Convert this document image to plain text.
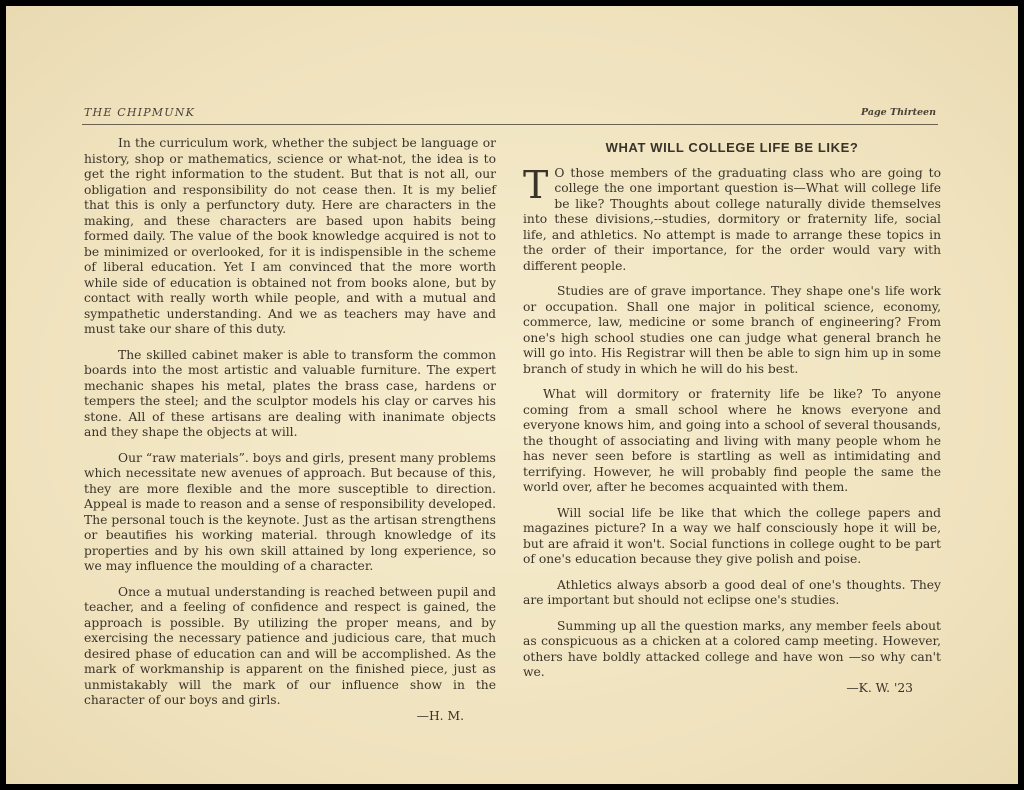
THE CHIPMUNK	Page Thirteen

In the curriculum work, whether the subject be language or history, shop or mathematics, science or what-not, the idea is to get the right information to the student. But that is not all, our obligation and responsibility do not cease then. It is my belief that this is only a perfunctory duty. Here are characters in the making, and these characters are based upon habits being formed daily. The value of the book knowledge acquired is not to be minimized or overlooked, for it is indispensible in the scheme of liberal education. Yet I am convinced that the more worth while side of education is obtained not from books alone, but by contact with really worth while people, and with a mutual and sympathetic understanding. And we as teachers may have and must take our share of this duty.

The skilled cabinet maker is able to transform the common boards into the most artistic and valuable furniture. The expert mechanic shapes his metal, plates the brass case, hardens or tempers the steel; and the sculptor models his clay or carves his stone. All of these artisans are dealing with inanimate objects and they shape the objects at will.

Our “raw materials”. boys and girls, present many problems which necessitate new avenues of approach. But because of this, they are more flexible and the more susceptible to direction. Appeal is made to reason and a sense of responsibility developed. The personal touch is the keynote. Just as the artisan strengthens or beautifies his working material. through knowledge of its properties and by his own skill attained by long experience, so we may influence the moulding of a character.

Once a mutual understanding is reached between pupil and teacher, and a feeling of confidence and respect is gained, the approach is possible. By utilizing the proper means, and by exercising the necessary patience and judicious care, that much desired phase of education can and will be accomplished. As the mark of workmanship is apparent on the finished piece, just as unmistakably will the mark of our influence show in the character of our boys and girls.

—H. M.

WHAT WILL COLLEGE LIFE BE LIKE?

T O those members of the graduating class who are going to college the one important question is—What will college life be like? Thoughts about college naturally divide themselves into these divisions,--studies, dormitory or fraternity life, social life, and athletics. No attempt is made to arrange these topics in the order of their importance, for the order would vary with different people.

Studies are of grave importance. They shape one's life work or occupation. Shall one major in political science, economy, commerce, law, medicine or some branch of engineering? From one's high school studies one can judge what general branch he will go into. His Registrar will then be able to sign him up in some branch of study in which he will do his best.

What will dormitory or fraternity life be like? To anyone coming from a small school where he knows everyone and everyone knows him, and going into a school of several thousands, the thought of associating and living with many people whom he has never seen before is startling as well as intimidating and terrifying. However, he will probably find people the same the world over, after he becomes acquainted with them.

Will social life be like that which the college papers and magazines picture? In a way we half consciously hope it will be, but are afraid it won't. Social functions in college ought to be part of one's education because they give polish and poise.

Athletics always absorb a good deal of one's thoughts. They are important but should not eclipse one's studies.

Summing up all the question marks, any member feels about as conspicuous as a chicken at a colored camp meeting. However, others have boldly attacked college and have won —so why can't we.

—K. W. '23
